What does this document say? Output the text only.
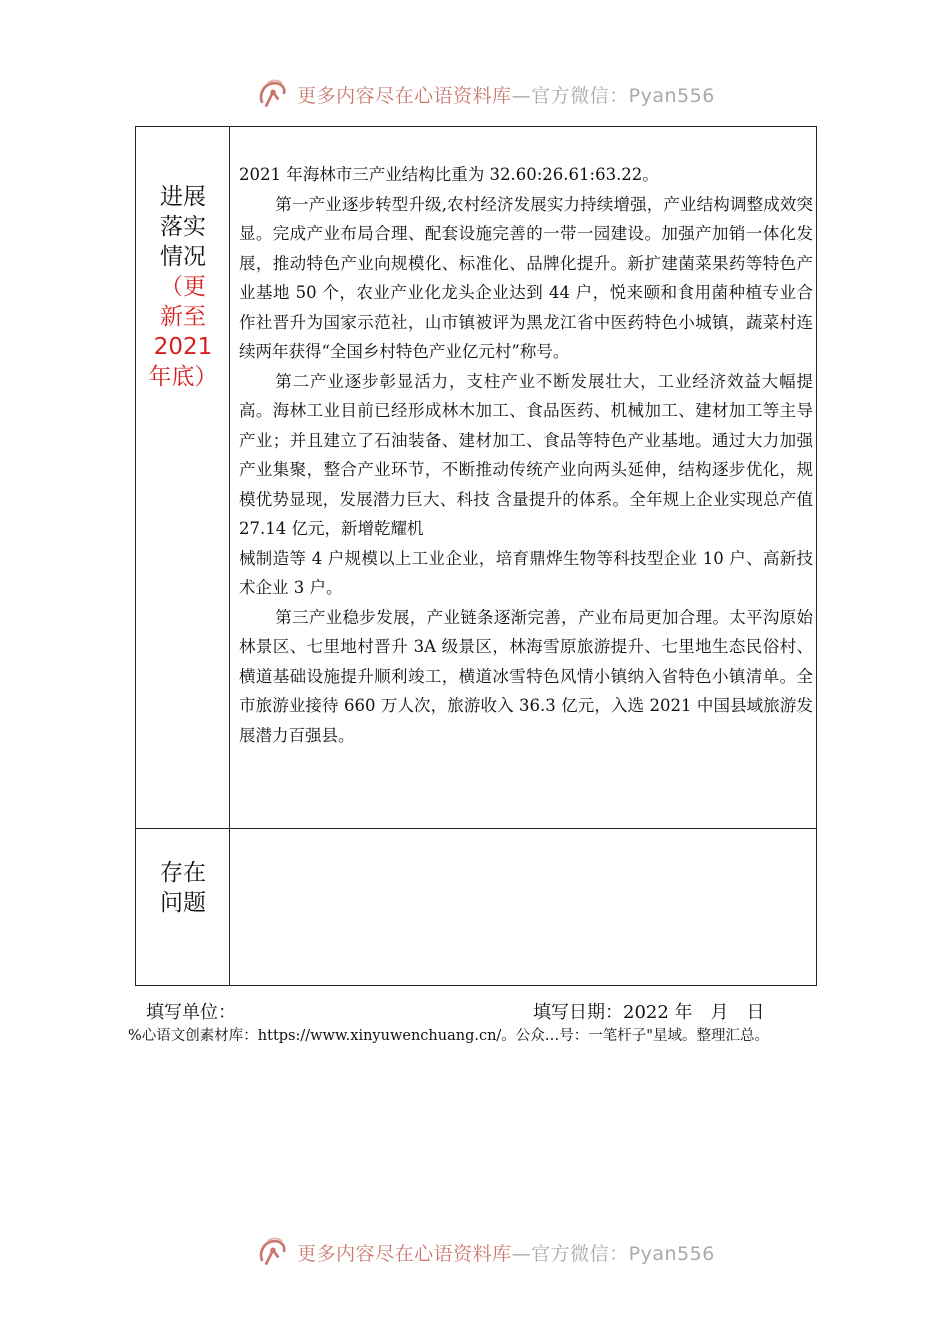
更多内容尽在心语资料库 —官方微信：Pyan556
进展
落实
情况
（更
新至
2021
年底）
存在
问题

2021 年海林市三产业结构比重为 32.60:26.61:63.22。

第一产业逐步转型升级,农村经济发展实力持续增强，产业结构调整成效突显。完成产业布局合理、配套设施完善的一带一园建设。加强产加销一体化发展，推动特色产业向规模化、标准化、品牌化提升。新扩建菌菜果药等特色产业基地 50 个，农业产业化龙头企业达到 44 户，悦来颐和食用菌种植专业合作社晋升为国家示范社，山市镇被评为黑龙江省中医药特色小城镇，蔬菜村连续两年获得“全国乡村特色产业亿元村”称号。

第二产业逐步彰显活力，支柱产业不断发展壮大，工业经济效益大幅提高。海林工业目前已经形成林木加工、食品医药、机械加工、建材加工等主导产业；并且建立了石油装备、建材加工、食品等特色产业基地。通过大力加强产业集聚，整合产业环节，不断推动传统产业向两头延伸，结构逐步优化，规模优势显现，发展潜力巨大、科技 含量提升的体系。全年规上企业实现总产值 27.14 亿元，新增乾耀机

械制造等 4 户规模以上工业企业，培育鼎烨生物等科技型企业 10 户、高新技术企业 3 户。

第三产业稳步发展，产业链条逐渐完善，产业布局更加合理。太平沟原始林景区、七里地村晋升 3A 级景区，林海雪原旅游提升、七里地生态民俗村、横道基础设施提升顺利竣工，横道冰雪特色风情小镇纳入省特色小镇清单。全市旅游业接待 660 万人次，旅游收入 36.3 亿元，入选 2021 中国县域旅游发展潜力百强县。

填写单位：	填写日期：2022 年　月　日
%心语文创素材库：https://www.xinyuwenchuang.cn/。公众…号：一笔杆子"星域。整理汇总。
更多内容尽在心语资料库 —官方微信：Pyan556
